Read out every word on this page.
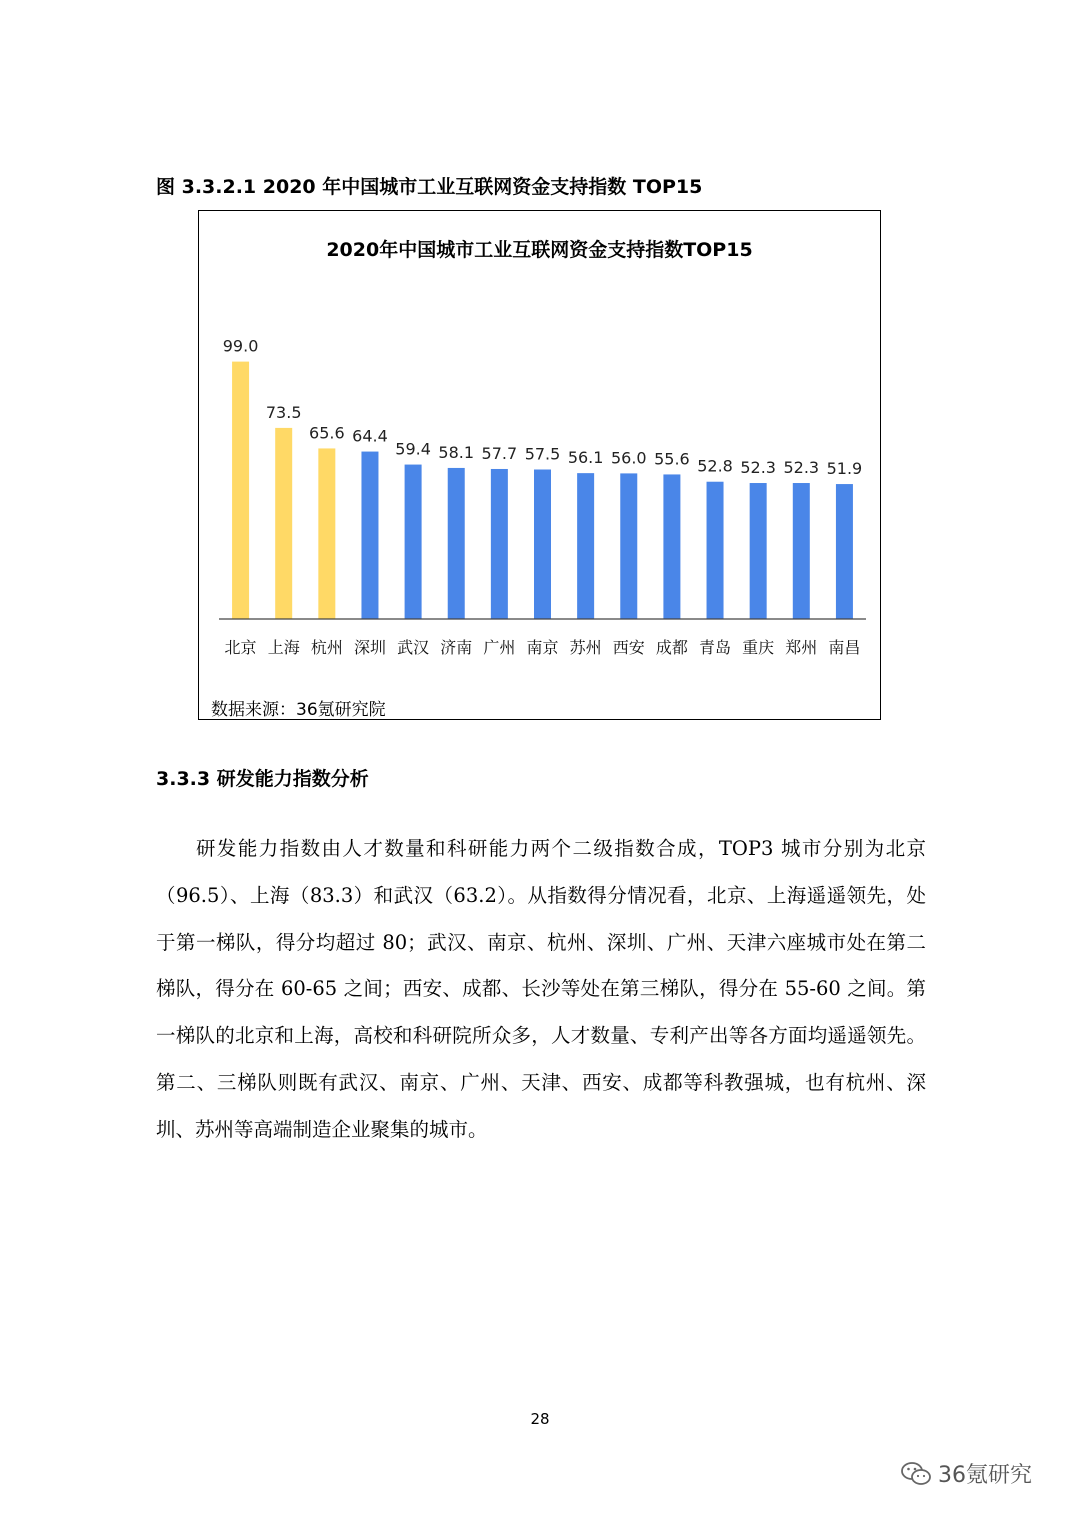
图 3.3.2.1 2020 年中国城市工业互联网资金支持指数 TOP15
2020年中国城市工业互联网资金支持指数TOP15
99.0
北京
73.5
上海
65.6
杭州
64.4
深圳
59.4
武汉
58.1
济南
57.7
广州
57.5
南京
56.1
苏州
56.0
西安
55.6
成都
52.8
青岛
52.3
重庆
52.3
郑州
51.9
南昌
数据来源：36氪研究院
3.3.3 研发能力指数分析
研发能力指数由人才数量和科研能力两个二级指数合成，TOP3 城市分别为北京（96.5）、上海（83.3）和武汉（63.2）。从指数得分情况看，北京、上海遥遥领先，处于第一梯队，得分均超过 80；武汉、南京、杭州、深圳、广州、天津六座城市处在第二梯队，得分在 60-65 之间；西安、成都、长沙等处在第三梯队，得分在 55-60 之间。第一梯队的北京和上海，高校和科研院所众多，人才数量、专利产出等各方面均遥遥领先。第二、三梯队则既有武汉、南京、广州、天津、西安、成都等科教强城，也有杭州、深圳、苏州等高端制造企业聚集的城市。
28
36氪研究
